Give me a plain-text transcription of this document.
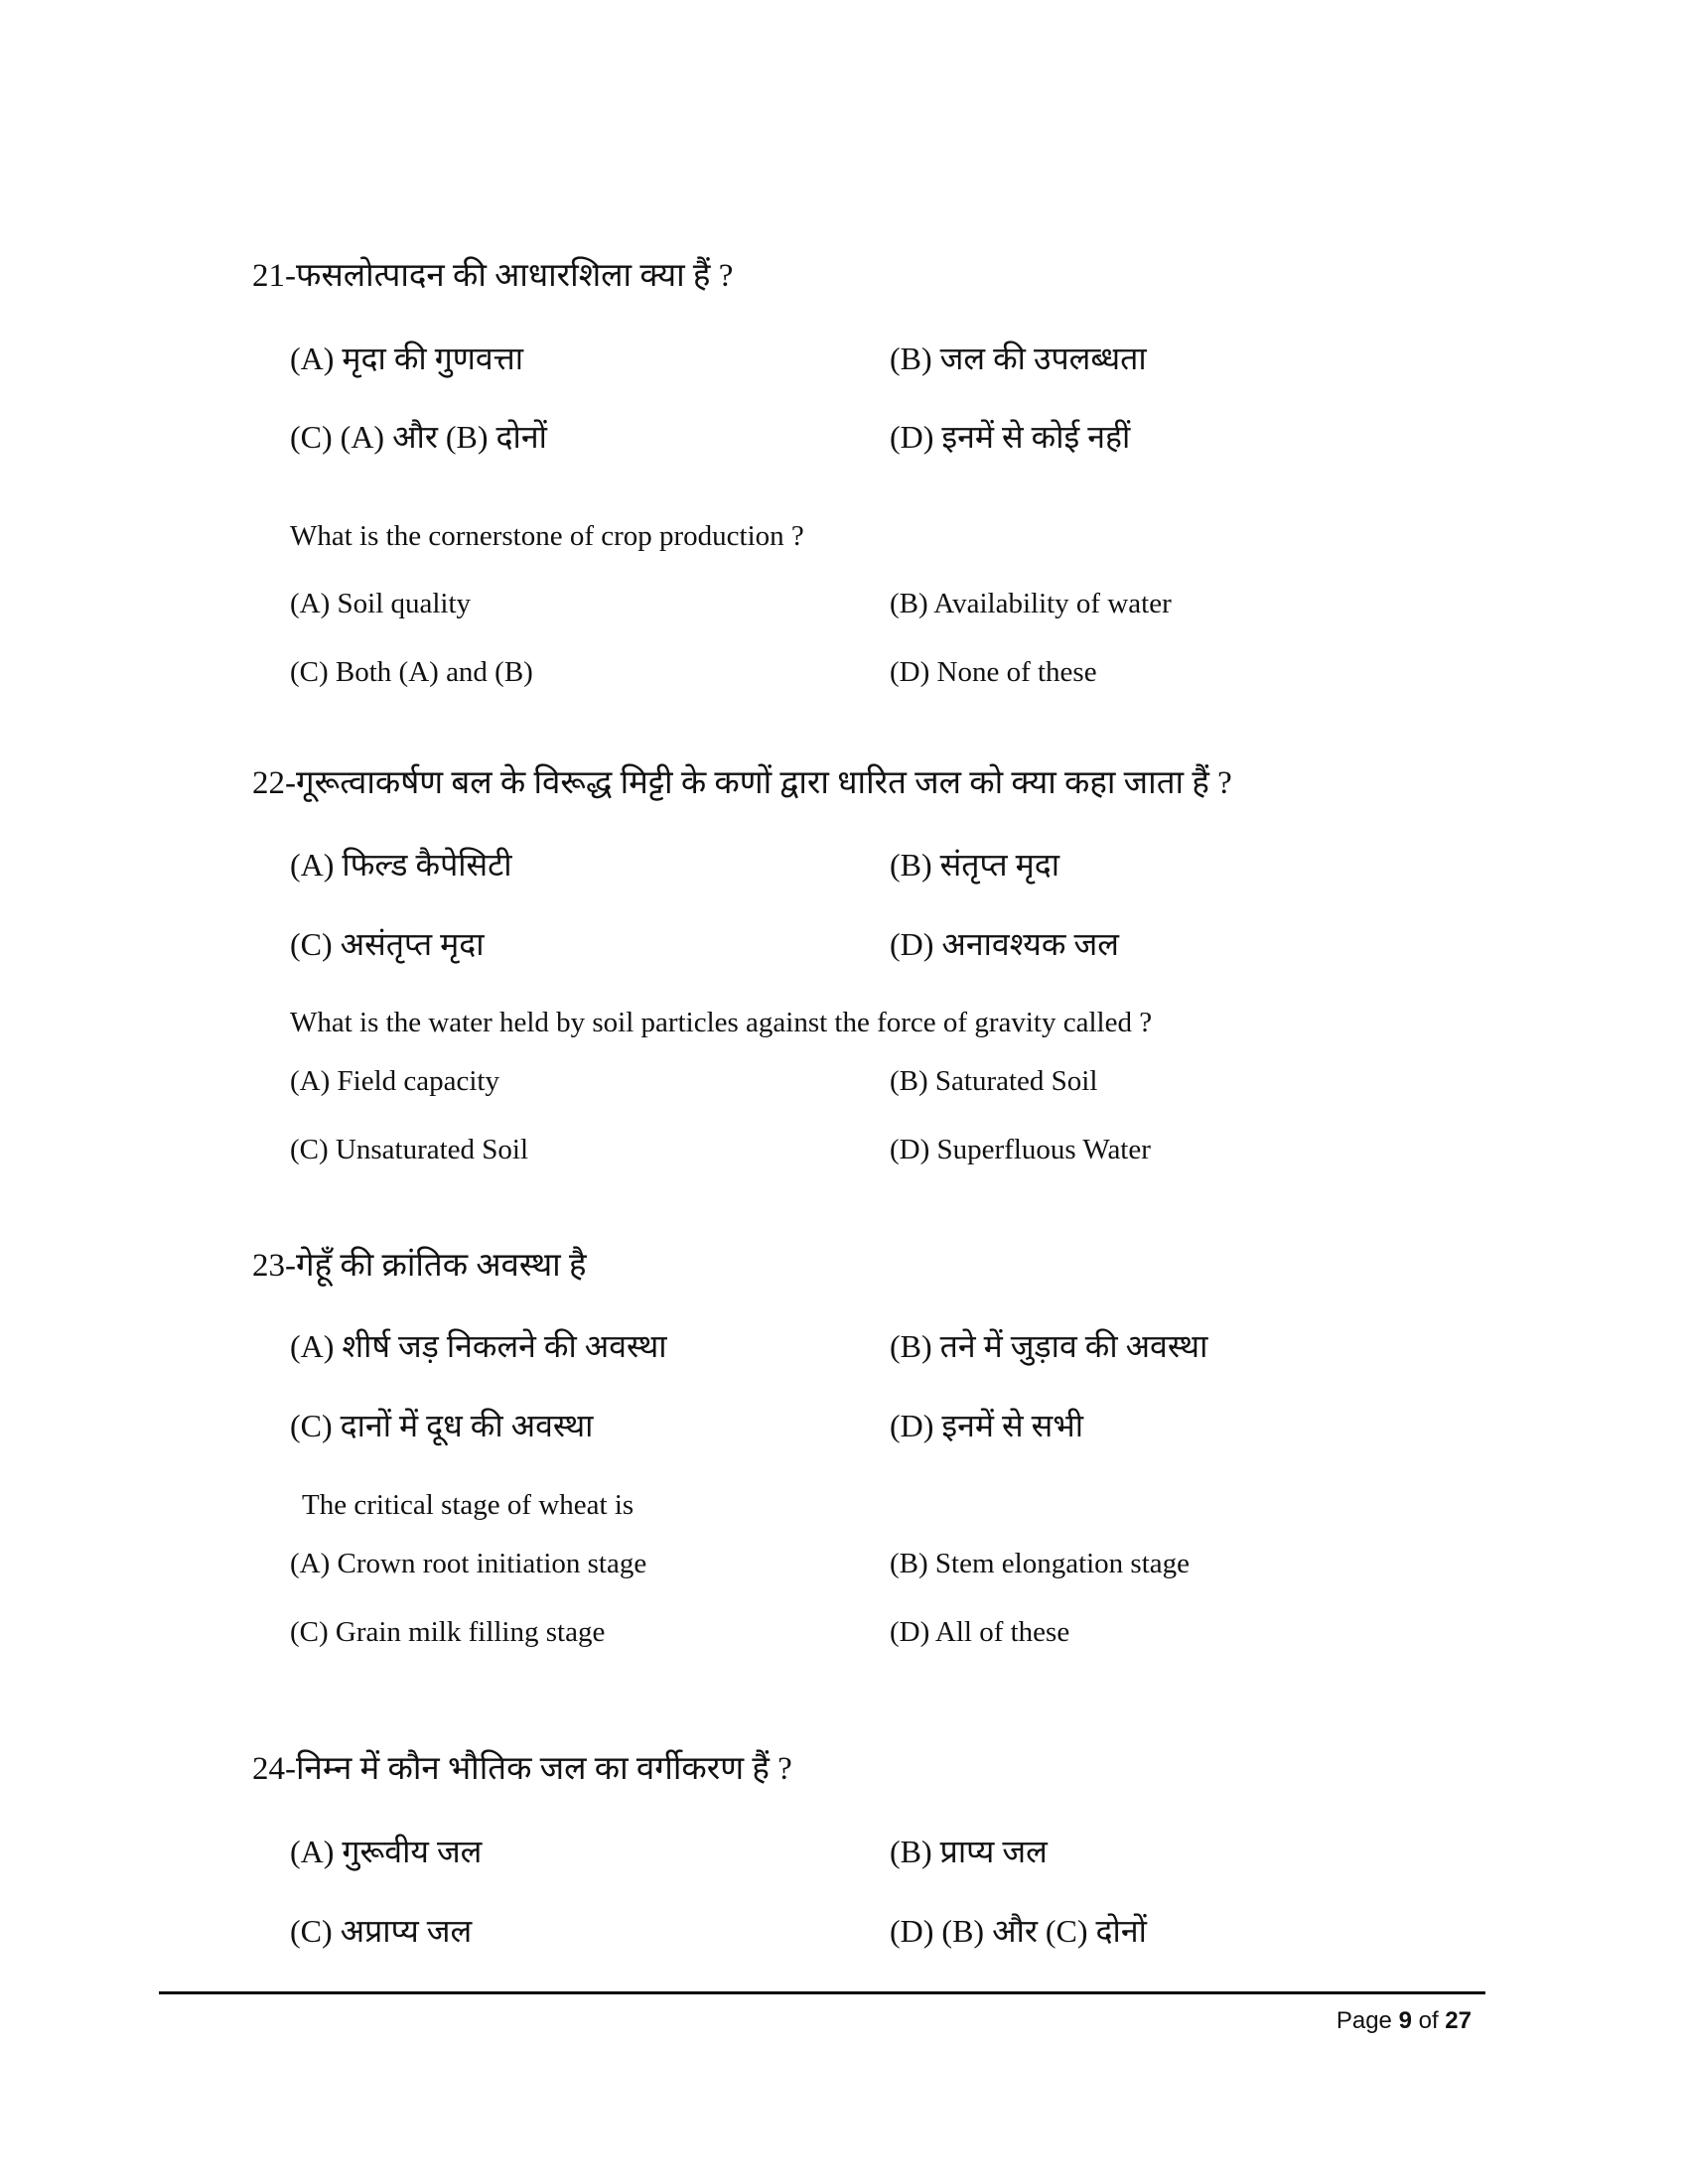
21-फसलोत्पादन की आधारशिला क्या हैं ?
(A) मृदा की गुणवत्ता	(B) जल की उपलब्धता
(C) (A) और (B) दोनों	(D) इनमें से कोई नहीं
What is the cornerstone of crop production ?
(A) Soil quality	(B) Availability of water
(C) Both (A) and (B)	(D) None of these
22-गूरूत्वाकर्षण बल के विरूद्ध मिट्टी के कणों द्वारा धारित जल को क्या कहा जाता हैं ?
(A) फिल्ड कैपेसिटी	(B) संतृप्त मृदा
(C) असंतृप्त मृदा	(D) अनावश्यक जल
What is the water held by soil particles against the force of gravity called ?
(A) Field capacity	(B) Saturated Soil
(C) Unsaturated Soil	(D) Superfluous Water
23-गेहूँ की क्रांतिक अवस्था है
(A) शीर्ष जड़ निकलने की अवस्था	(B) तने में जुड़ाव की अवस्था
(C) दानों में दूध की अवस्था	(D) इनमें से सभी
The critical stage of wheat is
(A) Crown root initiation stage	(B) Stem elongation stage
(C) Grain milk filling stage	(D) All of these
24-निम्न में कौन भौतिक जल का वर्गीकरण हैं ?
(A) गुरूवीय जल	(B) प्राप्य जल
(C) अप्राप्य जल	(D) (B) और (C) दोनों
Page 9 of 27
